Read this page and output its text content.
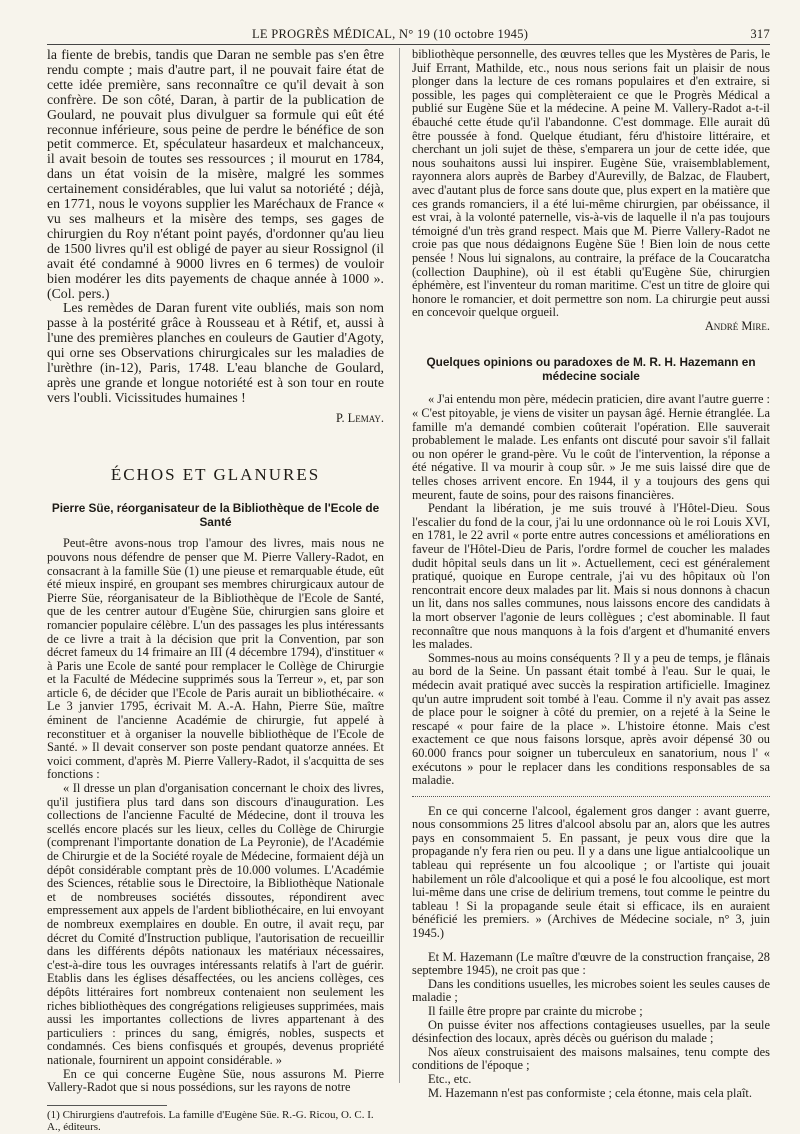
LE PROGRÈS MÉDICAL, N° 19 (10 octobre 1945)	317

la fiente de brebis, tandis que Daran ne semble pas s'en être rendu compte ; mais d'autre part, il ne pouvait faire état de cette idée première, sans reconnaître ce qu'il devait à son confrère. De son côté, Daran, à partir de la publication de Goulard, ne pouvait plus divulguer sa formule qui eût été reconnue inférieure, sous peine de perdre le bénéfice de son petit commerce. Et, spéculateur hasardeux et malchanceux, il avait besoin de toutes ses ressources ; il mourut en 1784, dans un état voisin de la misère, malgré les sommes certainement considérables, que lui valut sa notoriété ; déjà, en 1771, nous le voyons supplier les Maréchaux de France « vu ses malheurs et la misère des temps, ses gages de chirurgien du Roy n'étant point payés, d'ordonner qu'au lieu de 1500 livres qu'il est obligé de payer au sieur Rossignol (il avait été condamné à 9000 livres en 6 termes) de vouloir bien modérer les dits payements de chaque année à 1000 ». (Col. pers.)

Les remèdes de Daran furent vite oubliés, mais son nom passe à la postérité grâce à Rousseau et à Rétif, et, aussi à l'une des premières planches en couleurs de Gautier d'Agoty, qui orne ses Observations chirurgicales sur les maladies de l'urèthre (in-12), Paris, 1748. L'eau blanche de Goulard, après une grande et longue notoriété est à son tour en route vers l'oubli. Vicissitudes humaines !

P. Lemay.

ÉCHOS ET GLANURES
Pierre Süe, réorganisateur de la Bibliothèque de l'Ecole de Santé

Peut-être avons-nous trop l'amour des livres, mais nous ne pouvons nous défendre de penser que M. Pierre Vallery-Radot, en consacrant à la famille Süe (1) une pieuse et remarquable étude, eût été mieux inspiré, en groupant ses membres chirurgicaux autour de Pierre Süe, réorganisateur de la Bibliothèque de l'Ecole de Santé, que de les centrer autour d'Eugène Süe, chirurgien sans gloire et romancier populaire célèbre. L'un des passages les plus intéressants de ce livre a trait à la décision que prit la Convention, par son décret fameux du 14 frimaire an III (4 décembre 1794), d'instituer « à Paris une Ecole de santé pour remplacer le Collège de Chirurgie et la Faculté de Médecine supprimés sous la Terreur », et, par son article 6, de décider que l'Ecole de Paris aurait un bibliothécaire. « Le 3 janvier 1795, écrivait M. A.-A. Hahn, Pierre Süe, maître éminent de l'ancienne Académie de chirurgie, fut appelé à reconstituer et à organiser la nouvelle bibliothèque de l'Ecole de Santé. » Il devait conserver son poste pendant quatorze années. Et voici comment, d'après M. Pierre Vallery-Radot, il s'acquitta de ses fonctions :

« Il dresse un plan d'organisation concernant le choix des livres, qu'il justifiera plus tard dans son discours d'inauguration. Les collections de l'ancienne Faculté de Médecine, dont il trouva les scellés encore placés sur les lieux, celles du Collège de Chirurgie (comprenant l'importante donation de La Peyronie), de l'Académie de Chirurgie et de la Société royale de Médecine, formaient déjà un dépôt considérable comptant près de 10.000 volumes. L'Académie des Sciences, rétablie sous le Directoire, la Bibliothèque Nationale et de nombreuses sociétés dissoutes, répondirent avec empressement aux appels de l'ardent bibliothécaire, en lui envoyant de nombreux exemplaires en double. En outre, il avait reçu, par décret du Comité d'Instruction publique, l'autorisation de recueillir dans les différents dépôts nationaux les matériaux nécessaires, c'est-à-dire tous les ouvrages intéressants relatifs à l'art de guérir. Etablis dans les églises désaffectées, ou les anciens collèges, ces dépôts littéraires fort nombreux contenaient non seulement les riches bibliothèques des congrégations religieuses supprimées, mais aussi les importantes collections de livres appartenant à des particuliers : princes du sang, émigrés, nobles, suspects et condamnés. Ces biens confisqués et groupés, devenus propriété nationale, fournirent un appoint considérable. »

En ce qui concerne Eugène Süe, nous assurons M. Pierre Vallery-Radot que si nous possédions, sur les rayons de notre

(1) Chirurgiens d'autrefois. La famille d'Eugène Süe. R.-G. Ricou, O. C. I. A., éditeurs.

bibliothèque personnelle, des œuvres telles que les Mystères de Paris, le Juif Errant, Mathilde, etc., nous nous serions fait un plaisir de nous plonger dans la lecture de ces romans populaires et d'en extraire, si possible, les pages qui complèteraient ce que le Progrès Médical a publié sur Eugène Süe et la médecine. A peine M. Vallery-Radot a-t-il ébauché cette étude qu'il l'abandonne. C'est dommage. Elle aurait dû être poussée à fond. Quelque étudiant, féru d'histoire littéraire, et cherchant un joli sujet de thèse, s'emparera un jour de cette idée, que nous souhaitons aussi lui inspirer. Eugène Süe, vraisemblablement, rayonnera alors auprès de Barbey d'Aurevilly, de Balzac, de Flaubert, avec d'autant plus de force sans doute que, plus expert en la matière que ces grands romanciers, il a été lui-même chirurgien, par obéissance, il est vrai, à la volonté paternelle, vis-à-vis de laquelle il n'a pas toujours témoigné d'un très grand respect. Mais que M. Pierre Vallery-Radot ne croie pas que nous dédaignons Eugène Süe ! Bien loin de nous cette pensée ! Nous lui signalons, au contraire, la préface de la Coucaratcha (collection Dauphine), où il est établi qu'Eugène Süe, chirurgien éphémère, est l'inventeur du roman maritime. C'est un titre de gloire qui honore le romancier, et doit permettre son nom. La chirurgie peut aussi en concevoir quelque orgueil.

André Mire.

Quelques opinions ou paradoxes de M. R. H. Hazemann en médecine sociale

« J'ai entendu mon père, médecin praticien, dire avant l'autre guerre : « C'est pitoyable, je viens de visiter un paysan âgé. Hernie étranglée. La famille m'a demandé combien coûterait l'opération. Elle sauverait probablement le malade. Les enfants ont discuté pour savoir s'il fallait ou non opérer le grand-père. Vu le coût de l'intervention, la réponse a été négative. Il va mourir à coup sûr. » Je me suis laissé dire que de telles choses arrivent encore. En 1944, il y a toujours des gens qui meurent, faute de soins, pour des raisons financières.

Pendant la libération, je me suis trouvé à l'Hôtel-Dieu. Sous l'escalier du fond de la cour, j'ai lu une ordonnance où le roi Louis XVI, en 1781, le 22 avril « porte entre autres concessions et améliorations en faveur de l'Hôtel-Dieu de Paris, l'ordre formel de coucher les malades dudit hôpital seuls dans un lit ». Actuellement, ceci est généralement pratiqué, quoique en Europe centrale, j'ai vu des hôpitaux où l'on rencontrait encore deux malades par lit. Mais si nous donnons à chacun un lit, dans nos salles communes, nous laissons encore des candidats à la mort observer l'agonie de leurs collègues ; c'est abominable. Il faut reconnaître que nous manquons à la fois d'argent et d'humanité envers les malades.

Sommes-nous au moins conséquents ? Il y a peu de temps, je flânais au bord de la Seine. Un passant était tombé à l'eau. Sur le quai, le médecin avait pratiqué avec succès la respiration artificielle. Imaginez qu'un autre imprudent soit tombé à l'eau. Comme il n'y avait pas assez de place pour le soigner à côté du premier, on a rejeté à la Seine le rescapé « pour faire de la place ». L'histoire étonne. Mais c'est exactement ce que nous faisons lorsque, après avoir dépensé 30 ou 60.000 francs pour soigner un tuberculeux en sanatorium, nous l' « exécutons » pour le replacer dans les conditions responsables de sa maladie.

En ce qui concerne l'alcool, également gros danger : avant guerre, nous consommions 25 litres d'alcool absolu par an, alors que les autres pays en consommaient 5. En passant, je peux vous dire que la propagande n'y fera rien ou peu. Il y a dans une ligue antialcoolique un tableau qui représente un fou alcoolique ; or l'artiste qui jouait habilement un rôle d'alcoolique et qui a posé le fou alcoolique, est mort lui-même dans une crise de delirium tremens, tout comme le peintre du tableau ! Si la propagande seule était si efficace, ils en auraient bénéficié les premiers. » (Archives de Médecine sociale, n° 3, juin 1945.)

Et M. Hazemann (Le maître d'œuvre de la construction française, 28 septembre 1945), ne croit pas que :

Dans les conditions usuelles, les microbes soient les seules causes de maladie ;

Il faille être propre par crainte du microbe ;

On puisse éviter nos affections contagieuses usuelles, par la seule désinfection des locaux, après décès ou guérison du malade ;

Nos aïeux construisaient des maisons malsaines, tenu compte des conditions de l'époque ;

Etc., etc.

M. Hazemann n'est pas conformiste ; cela étonne, mais cela plaît.
